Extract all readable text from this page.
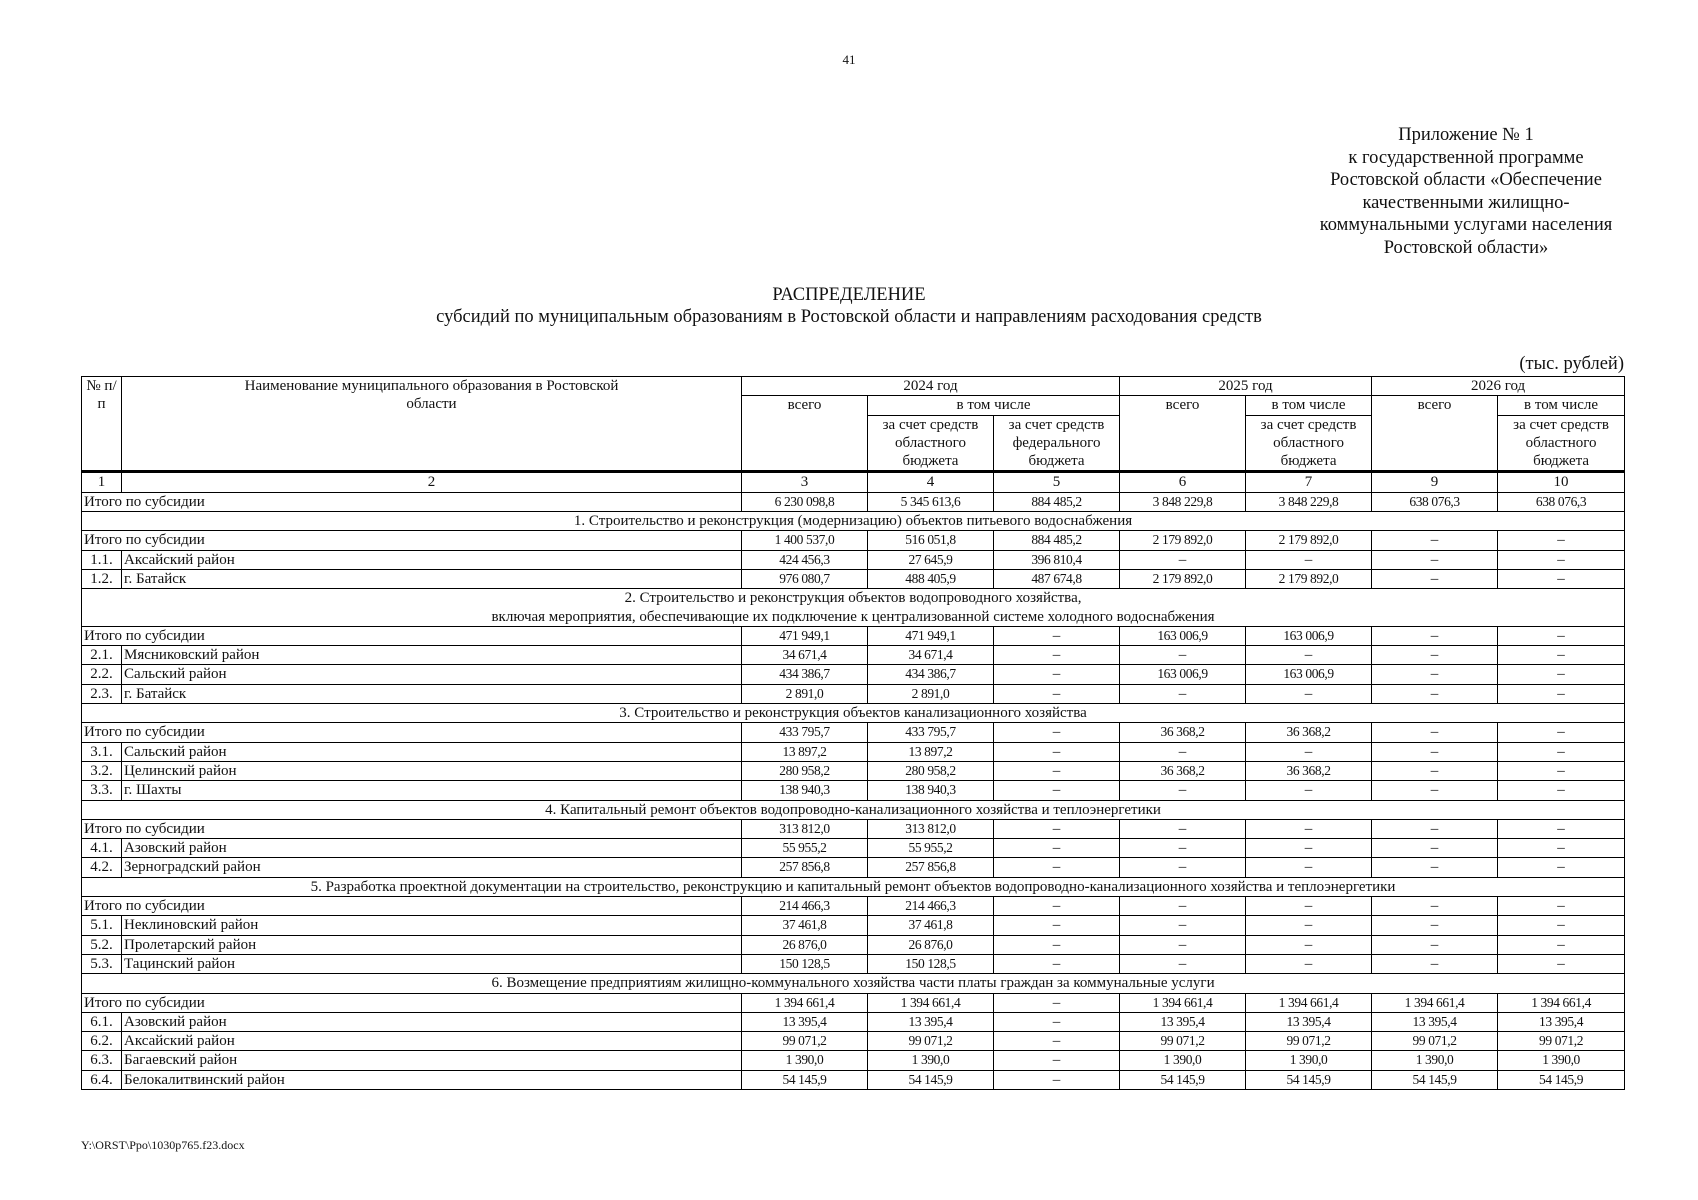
41
Приложение № 1
к государственной программе
Ростовской области «Обеспечение
качественными жилищно-
коммунальными услугами населения
Ростовской области»
РАСПРЕДЕЛЕНИЕ
субсидий по муниципальным образованиям в Ростовской области и направлениям расходования средств
(тыс. рублей)
№ п/п	Наименование муниципального образования в Ростовской области	2024 год			2025 год		2026 год	
		всего	в том числе		всего	в том числе	всего	в том числе
			за счет средств областного бюджета	за счет средств федерального бюджета		за счет средств областного бюджета		за счет средств областного бюджета
1	2	3	4	5	6	7	9	10
Итого по субсидии		6 230 098,8	5 345 613,6	884 485,2	3 848 229,8	3 848 229,8	638 076,3	638 076,3

1. Строительство и реконструкция (модернизацию) объектов питьевого водоснабжения								

Итого по субсидии		1 400 537,0	516 051,8	884 485,2	2 179 892,0	2 179 892,0	–	–
1.1.	Аксайский район	424 456,3	27 645,9	396 810,4	–	–	–	–
1.2.	г. Батайск	976 080,7	488 405,9	487 674,8	2 179 892,0	2 179 892,0	–	–

2. Строительство и реконструкция объектов водопроводного хозяйства,
включая мероприятия, обеспечивающие их подключение к централизованной системе холодного водоснабжения								

Итого по субсидии		471 949,1	471 949,1	–	163 006,9	163 006,9	–	–
2.1.	Мясниковский район	34 671,4	34 671,4	–	–	–	–	–
2.2.	Сальский район	434 386,7	434 386,7	–	163 006,9	163 006,9	–	–
2.3.	г. Батайск	2 891,0	2 891,0	–	–	–	–	–

3. Строительство и реконструкция объектов канализационного хозяйства								

Итого по субсидии		433 795,7	433 795,7	–	36 368,2	36 368,2	–	–
3.1.	Сальский район	13 897,2	13 897,2	–	–	–	–	–
3.2.	Целинский район	280 958,2	280 958,2	–	36 368,2	36 368,2	–	–
3.3.	г. Шахты	138 940,3	138 940,3	–	–	–	–	–

4. Капитальный ремонт объектов водопроводно-канализационного хозяйства и теплоэнергетики								

Итого по субсидии		313 812,0	313 812,0	–	–	–	–	–
4.1.	Азовский район	55 955,2	55 955,2	–	–	–	–	–
4.2.	Зерноградский район	257 856,8	257 856,8	–	–	–	–	–

5. Разработка проектной документации на строительство, реконструкцию и капитальный ремонт объектов водопроводно-канализационного хозяйства и теплоэнергетики								

Итого по субсидии		214 466,3	214 466,3	–	–	–	–	–
5.1.	Неклиновский район	37 461,8	37 461,8	–	–	–	–	–
5.2.	Пролетарский район	26 876,0	26 876,0	–	–	–	–	–
5.3.	Тацинский район	150 128,5	150 128,5	–	–	–	–	–

6. Возмещение предприятиям жилищно-коммунального хозяйства части платы граждан за коммунальные услуги								

Итого по субсидии		1 394 661,4	1 394 661,4	–	1 394 661,4	1 394 661,4	1 394 661,4	1 394 661,4
6.1.	Азовский район	13 395,4	13 395,4	–	13 395,4	13 395,4	13 395,4	13 395,4
6.2.	Аксайский район	99 071,2	99 071,2	–	99 071,2	99 071,2	99 071,2	99 071,2
6.3.	Багаевский район	1 390,0	1 390,0	–	1 390,0	1 390,0	1 390,0	1 390,0
6.4.	Белокалитвинский район	54 145,9	54 145,9	–	54 145,9	54 145,9	54 145,9	54 145,9
Y:\ORST\Ppo\1030p765.f23.docx
